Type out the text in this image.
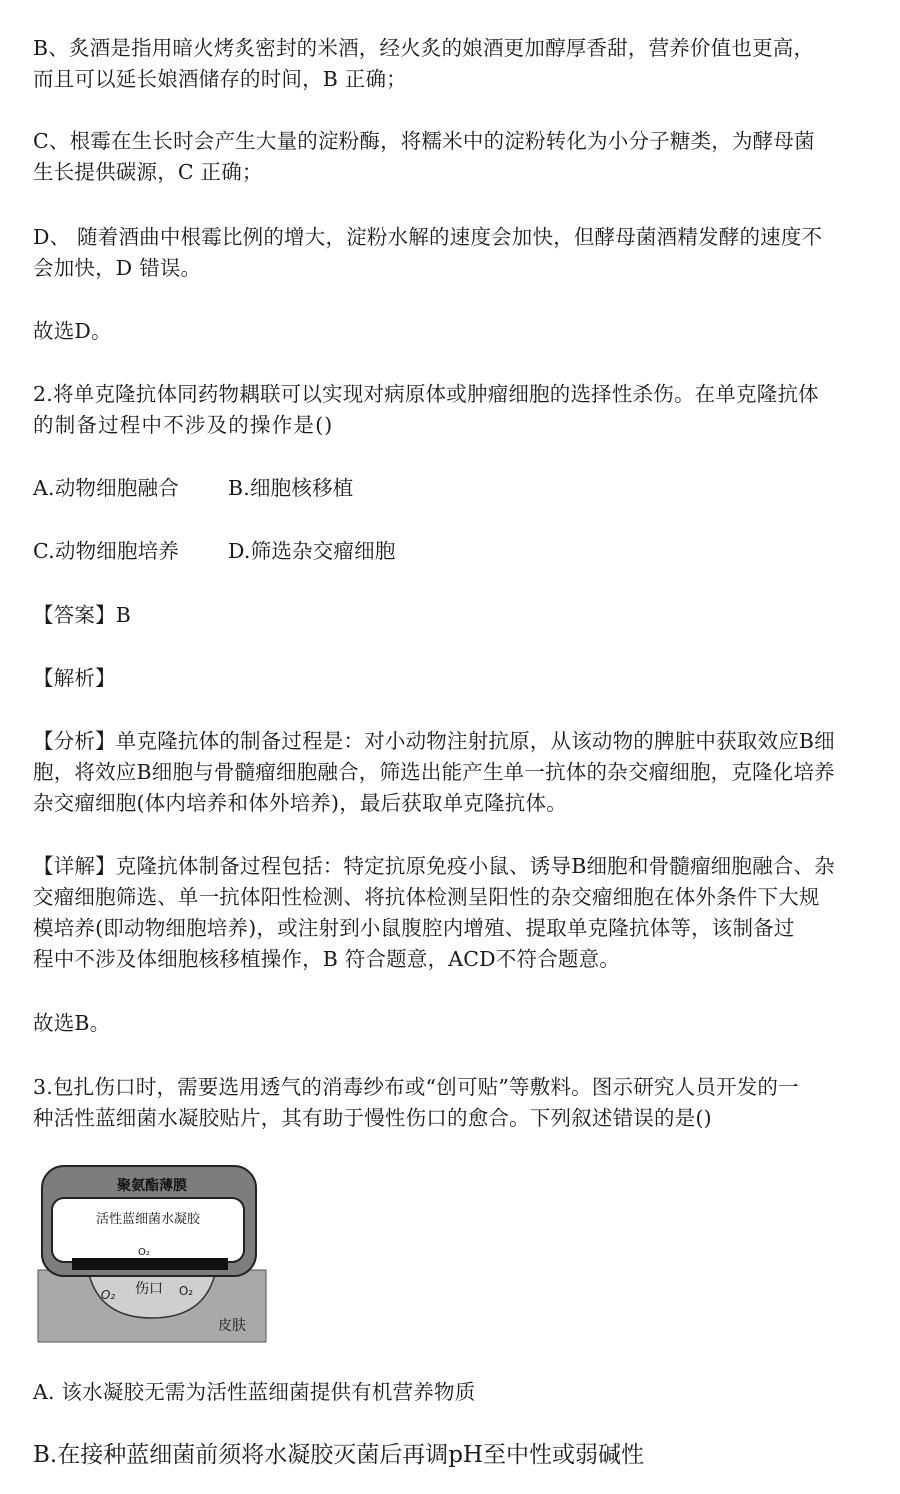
B、炙酒是指用暗火烤炙密封的米酒，经火炙的娘酒更加醇厚香甜，营养价值也更高，
而且可以延长娘酒储存的时间，B 正确；
C、根霉在生长时会产生大量的淀粉酶，将糯米中的淀粉转化为小分子糖类，为酵母菌
生长提供碳源，C 正确；
D、 随着酒曲中根霉比例的增大，淀粉水解的速度会加快，但酵母菌酒精发酵的速度不
会加快，D 错误。
故选D。
2.将单克隆抗体同药物耦联可以实现对病原体或肿瘤细胞的选择性杀伤。在单克隆抗体
的制备过程中不涉及的操作是()
A.动物细胞融合 B.细胞核移植
C.动物细胞培养 D.筛选杂交瘤细胞
【答案】B
【解析】
【分析】单克隆抗体的制备过程是：对小动物注射抗原，从该动物的脾脏中获取效应B细
胞，将效应B细胞与骨髓瘤细胞融合，筛选出能产生单一抗体的杂交瘤细胞，克隆化培养
杂交瘤细胞(体内培养和体外培养)，最后获取单克隆抗体。
【详解】克隆抗体制备过程包括：特定抗原免疫小鼠、诱导B细胞和骨髓瘤细胞融合、杂
交瘤细胞筛选、单一抗体阳性检测、将抗体检测呈阳性的杂交瘤细胞在体外条件下大规
模培养(即动物细胞培养)，或注射到小鼠腹腔内增殖、提取单克隆抗体等，该制备过
程中不涉及体细胞核移植操作，B 符合题意，ACD不符合题意。
故选B。
3.包扎伤口时，需要选用透气的消毒纱布或“创可贴”等敷料。图示研究人员开发的一
种活性蓝细菌水凝胶贴片，其有助于慢性伤口的愈合。下列叙述错误的是()
聚氨酯薄膜
活性蓝细菌水凝胶
O₂
伤口
O₂	O₂
皮肤
A. 该水凝胶无需为活性蓝细菌提供有机营养物质
B.在接种蓝细菌前须将水凝胶灭菌后再调pH至中性或弱碱性
